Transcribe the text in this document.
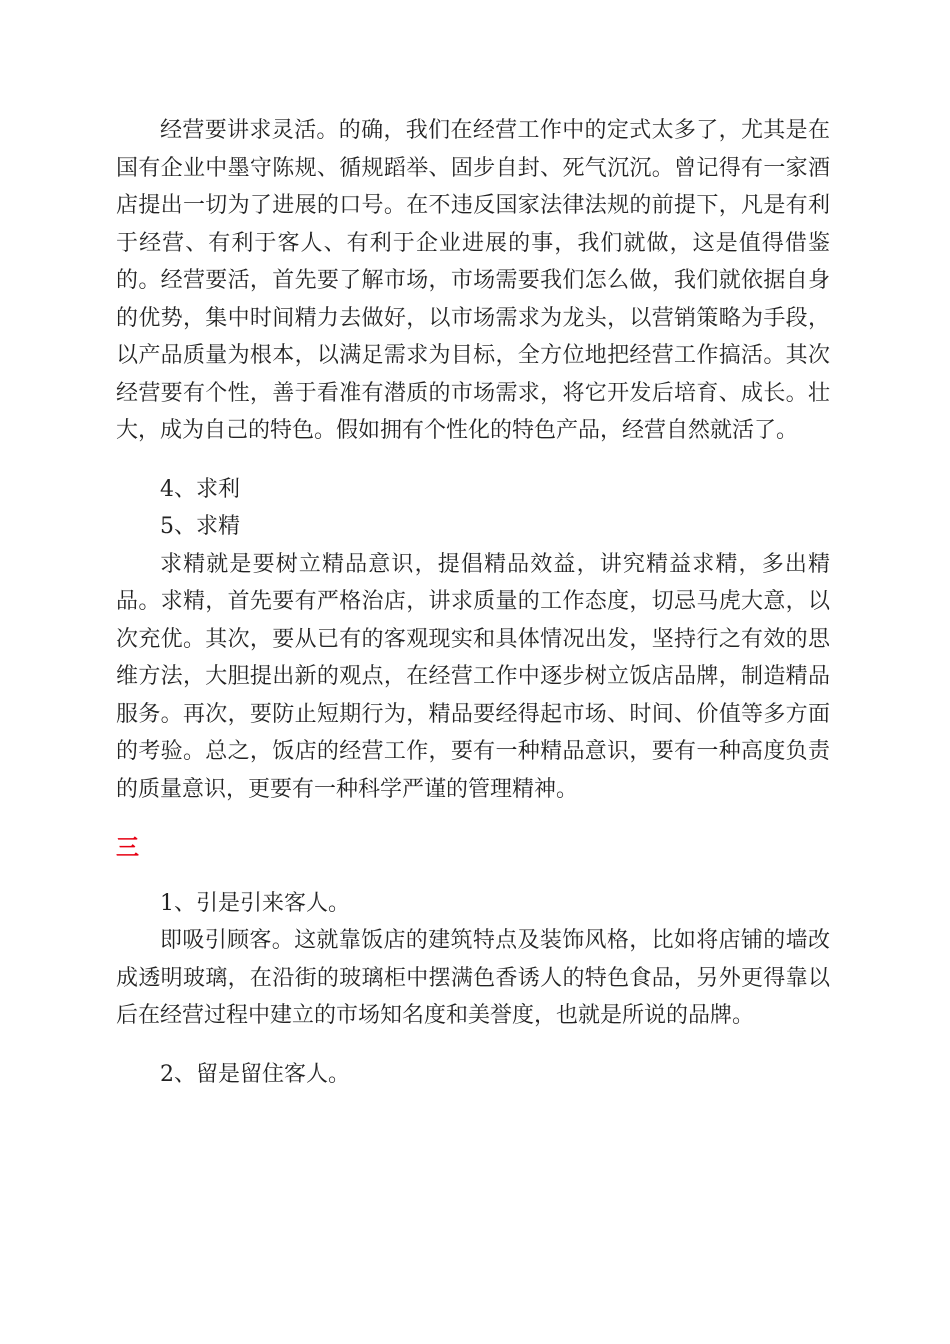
经营要讲求灵活。的确，我们在经营工作中的定式太多了，尤其是在国有企业中墨守陈规、循规蹈举、固步自封、死气沉沉。曾记得有一家酒店提出一切为了进展的口号。在不违反国家法律法规的前提下，凡是有利于经营、有利于客人、有利于企业进展的事，我们就做，这是值得借鉴的。经营要活，首先要了解市场，市场需要我们怎么做，我们就依据自身的优势，集中时间精力去做好，以市场需求为龙头，以营销策略为手段，以产品质量为根本，以满足需求为目标，全方位地把经营工作搞活。其次经营要有个性，善于看准有潜质的市场需求，将它开发后培育、成长。壮大，成为自己的特色。假如拥有个性化的特色产品，经营自然就活了。

4、求利

5、求精

求精就是要树立精品意识，提倡精品效益，讲究精益求精，多出精品。求精，首先要有严格治店，讲求质量的工作态度，切忌马虎大意，以次充优。其次，要从已有的客观现实和具体情况出发，坚持行之有效的思维方法，大胆提出新的观点，在经营工作中逐步树立饭店品牌，制造精品服务。再次，要防止短期行为，精品要经得起市场、时间、价值等多方面的考验。总之，饭店的经营工作，要有一种精品意识，要有一种高度负责的质量意识，更要有一种科学严谨的管理精神。

三

1、引是引来客人。

即吸引顾客。这就靠饭店的建筑特点及装饰风格，比如将店铺的墙改成透明玻璃，在沿街的玻璃柜中摆满色香诱人的特色食品，另外更得靠以后在经营过程中建立的市场知名度和美誉度，也就是所说的品牌。

2、留是留住客人。
